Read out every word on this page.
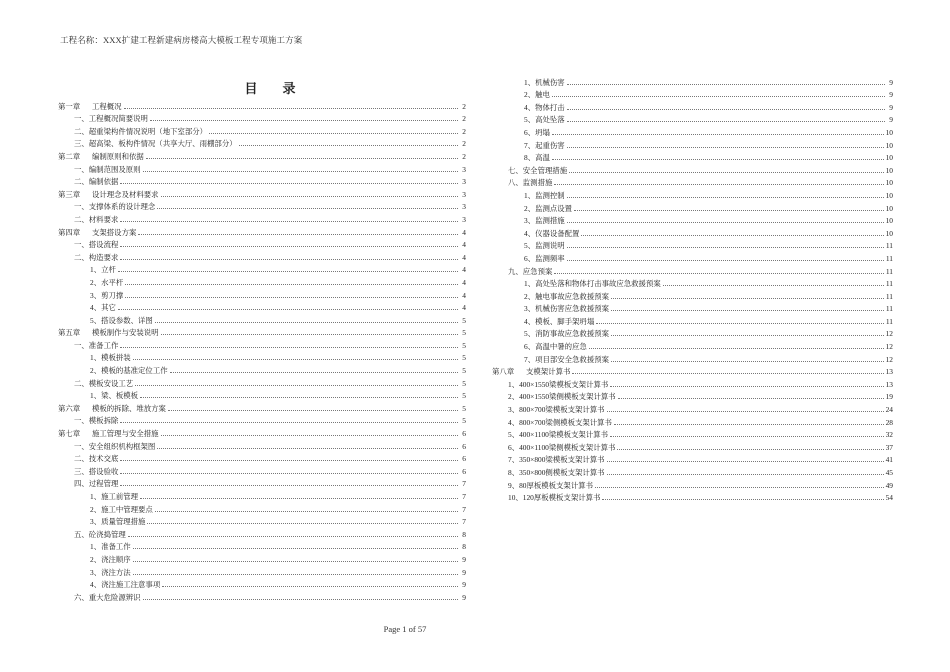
工程名称：XXX扩建工程新建病房楼高大模板工程专项施工方案
目　录
第一章 工程概况	2
一、工程概况简要说明	2
二、超重梁构件情况说明（地下室部分）	2
三、超高梁、板构件情况（共享大厅、雨棚部分）	2
第二章 编制原则和依据	2
一、编制范围及原则	3
二、编制依据	3
第三章 设计理念及材料要求	3
一、支撑体系的设计理念	3
二、材料要求	3
第四章 支架搭设方案	4
一、搭设流程	4
二、构造要求	4
1、立杆	4
2、水平杆	4
3、剪刀撑	4
4、其它	4
5、搭设参数、详图	5
第五章 模板制作与安装说明	5
一、准备工作	5
1、模板拼装	5
2、模板的基准定位工作	5
二、模板安设工艺	5
1、梁、板模板	5
第六章 模板的拆除、堆放方案	5
一、模板拆除	5
第七章 施工管理与安全措施	6
一、安全组织机构框架图	6
二、技术交底	6
三、搭设验收	6
四、过程管理	7
1、施工前管理	7
2、施工中管理要点	7
3、质量管理措施	7
五、砼浇捣管理	8
1、准备工作	8
2、浇注顺序	9
3、浇注方法	9
4、浇注施工注意事项	9
六、重大危险源辨识	9
1、机械伤害	9
2、触电	9
4、物体打击	9
5、高处坠落	9
6、坍塌	10
7、起重伤害	10
8、高温	10
七、安全管理措施	10
八、监测措施	10
1、监测控制	10
2、监测点设置	10
3、监测措施	10
4、仪器设备配置	10
5、监测说明	11
6、监测频率	11
九、应急预案	11
1、高处坠落和物体打击事故应急救援预案	11
2、触电事故应急救援预案	11
3、机械伤害应急救援预案	11
4、模板、脚手架坍塌	11
5、消防事故应急救援预案	12
6、高温中暑的应急	12
7、项目部安全急救援预案	12
第八章 支模架计算书	13
1、400×1550梁模板支架计算书	13
2、400×1550梁侧模板支架计算书	19
3、800×700梁模板支架计算书	24
4、800×700梁侧模板支架计算书	28
5、400×1100梁模板支架计算书	32
6、400×1100梁侧模板支架计算书	37
7、350×800梁模板支架计算书	41
8、350×800侧模板支架计算书	45
9、80厚板模板支架计算书	49
10、120厚板模板支架计算书	54
Page 1 of 57
